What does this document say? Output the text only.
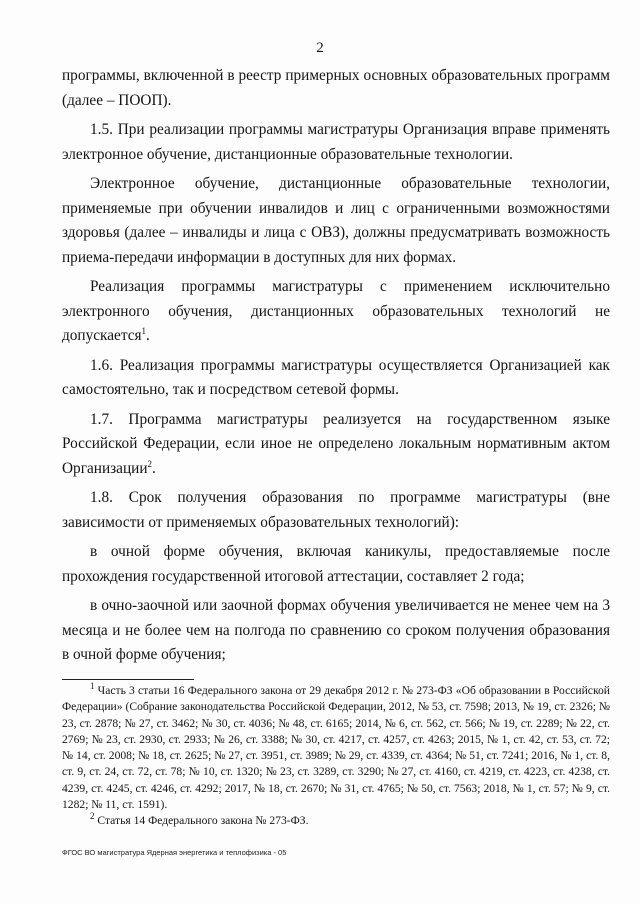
2

программы, включенной в реестр примерных основных образовательных программ (далее – ПООП).

1.5. При реализации программы магистратуры Организация вправе применять электронное обучение, дистанционные образовательные технологии.

Электронное обучение, дистанционные образовательные технологии, применяемые при обучении инвалидов и лиц с ограниченными возможностями здоровья (далее – инвалиды и лица с ОВЗ), должны предусматривать возможность приема-передачи информации в доступных для них формах.

Реализация программы магистратуры с применением исключительно электронного обучения, дистанционных образовательных технологий не допускается$^1$.

1.6. Реализация программы магистратуры осуществляется Организацией как самостоятельно, так и посредством сетевой формы.

1.7. Программа магистратуры реализуется на государственном языке Российской Федерации, если иное не определено локальным нормативным актом Организации$^2$.

1.8. Срок получения образования по программе магистратуры (вне зависимости от применяемых образовательных технологий):

в очной форме обучения, включая каникулы, предоставляемые после прохождения государственной итоговой аттестации, составляет 2 года;

в очно-заочной или заочной формах обучения увеличивается не менее чем на 3 месяца и не более чем на полгода по сравнению со сроком получения образования в очной форме обучения;

$^1$ Часть 3 статьи 16 Федерального закона от 29 декабря 2012 г. № 273-ФЗ «Об образовании в Российской Федерации» (Собрание законодательства Российской Федерации, 2012, № 53, ст. 7598; 2013, № 19, ст. 2326; № 23, ст. 2878; № 27, ст. 3462; № 30, ст. 4036; № 48, ст. 6165; 2014, № 6, ст. 562, ст. 566; № 19, ст. 2289; № 22, ст. 2769; № 23, ст. 2930, ст. 2933; № 26, ст. 3388; № 30, ст. 4217, ст. 4257, ст. 4263; 2015, № 1, ст. 42, ст. 53, ст. 72; № 14, ст. 2008; № 18, ст. 2625; № 27, ст. 3951, ст. 3989; № 29, ст. 4339, ст. 4364; № 51, ст. 7241; 2016, № 1, ст. 8, ст. 9, ст. 24, ст. 72, ст. 78; № 10, ст. 1320; № 23, ст. 3289, ст. 3290; № 27, ст. 4160, ст. 4219, ст. 4223, ст. 4238, ст. 4239, ст. 4245, ст. 4246, ст. 4292; 2017, № 18, ст. 2670; № 31, ст. 4765; № 50, ст. 7563; 2018, № 1, ст. 57; № 9, ст. 1282; № 11, ст. 1591).

$^2$ Статья 14 Федерального закона № 273-ФЗ.

ФГОС ВО магистратура Ядерная энергетика и теплофизика - 05
